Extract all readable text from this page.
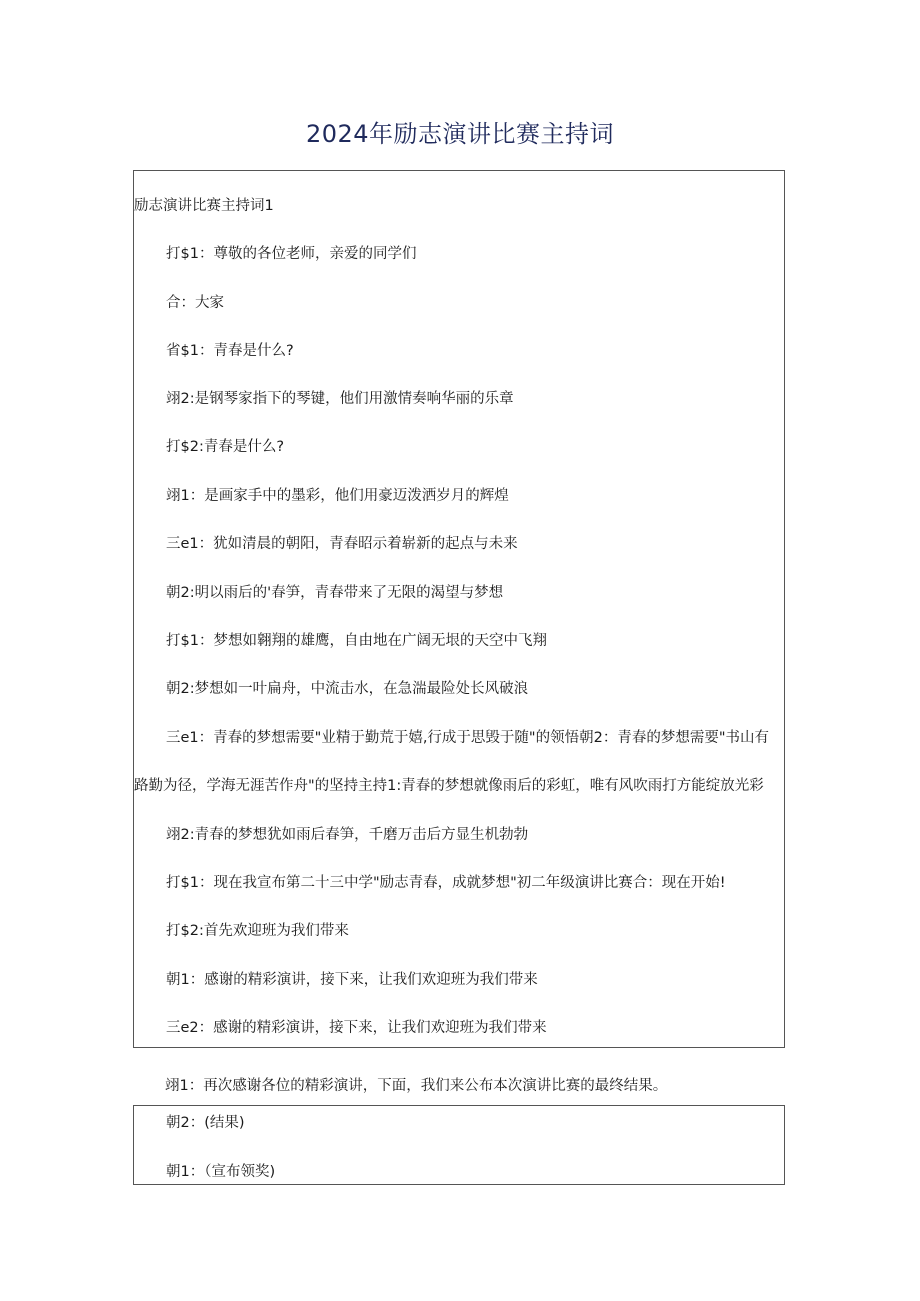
2024年励志演讲比赛主持词
励志演讲比赛主持词1
打$1：尊敬的各位老师，亲爱的同学们
合：大家
省$1：青春是什么?
翊2:是钢琴家指下的琴键，他们用激情奏响华丽的乐章
打$2:青春是什么?
翊1：是画家手中的墨彩，他们用豪迈泼洒岁月的辉煌
三e1：犹如清晨的朝阳，青春昭示着崭新的起点与未来
朝2:明以雨后的'春笋，青春带来了无限的渴望与梦想
打$1：梦想如翱翔的雄鹰，自由地在广阔无垠的天空中飞翔
朝2:梦想如一叶扁舟，中流击水，在急湍最险处长风破浪
三e1：青春的梦想需要"业精于勤荒于嬉,行成于思毁于随"的领悟朝2：青春的梦想需要"书山有
路勤为径，学海无涯苦作舟"的坚持主持1:青春的梦想就像雨后的彩虹，唯有风吹雨打方能绽放光彩
翊2:青春的梦想犹如雨后春笋，千磨万击后方显生机勃勃
打$1：现在我宣布第二十三中学"励志青春，成就梦想"初二年级演讲比赛合：现在开始!
打$2:首先欢迎班为我们带来
朝1：感谢的精彩演讲，接下来，让我们欢迎班为我们带来
三e2：感谢的精彩演讲，接下来，让我们欢迎班为我们带来
翊1：再次感谢各位的精彩演讲，下面，我们来公布本次演讲比赛的最终结果。
朝2：(结果)
朝1：（宣布领奖)
